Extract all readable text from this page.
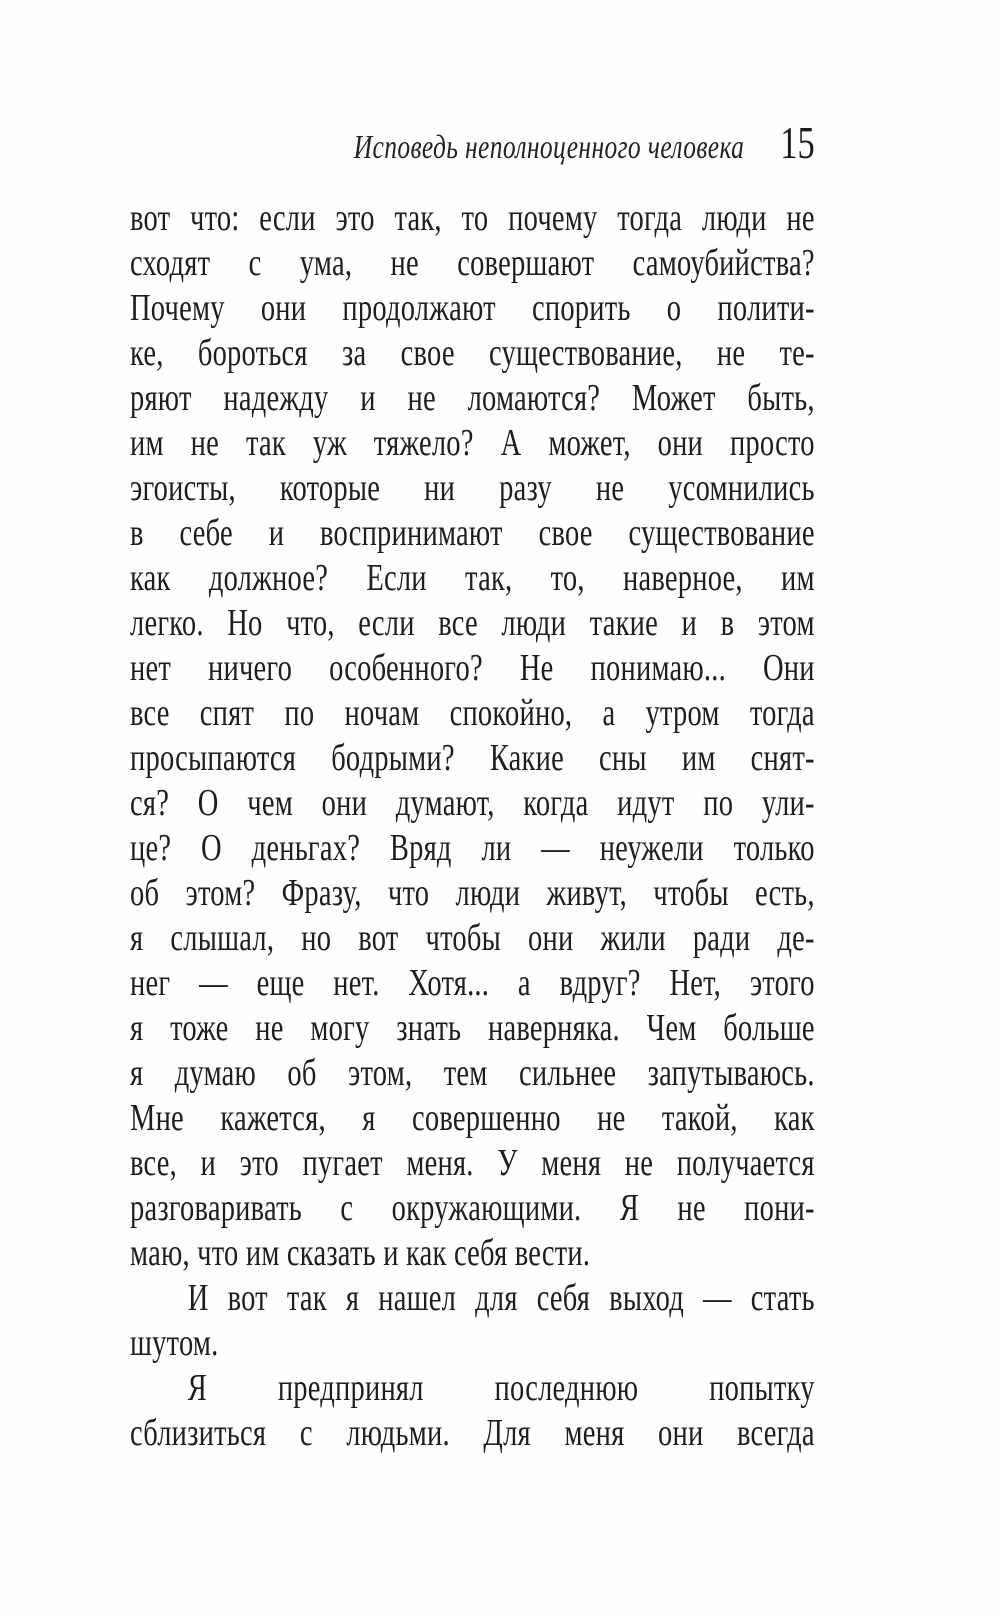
Исповедь неполноценного человека 15
вот что: если это так, то почему тогда люди не
сходят с ума, не совершают самоубийства?
Почему они продолжают спорить о полити-
ке, бороться за свое существование, не те-
ряют надежду и не ломаются? Может быть,
им не так уж тяжело? А может, они просто
эгоисты, которые ни разу не усомнились
в себе и воспринимают свое существование
как должное? Если так, то, наверное, им
легко. Но что, если все люди такие и в этом
нет ничего особенного? Не понимаю... Они
все спят по ночам спокойно, а утром тогда
просыпаются бодрыми? Какие сны им снят-
ся? О чем они думают, когда идут по ули-
це? О деньгах? Вряд ли — неужели только
об этом? Фразу, что люди живут, чтобы есть,
я слышал, но вот чтобы они жили ради де-
нег — еще нет. Хотя... а вдруг? Нет, этого
я тоже не могу знать наверняка. Чем больше
я думаю об этом, тем сильнее запутываюсь.
Мне кажется, я совершенно не такой, как
все, и это пугает меня. У меня не получается
разговаривать с окружающими. Я не пони-
маю, что им сказать и как себя вести.
И вот так я нашел для себя выход — стать
шутом.
Я предпринял последнюю попытку
сблизиться с людьми. Для меня они всегда
